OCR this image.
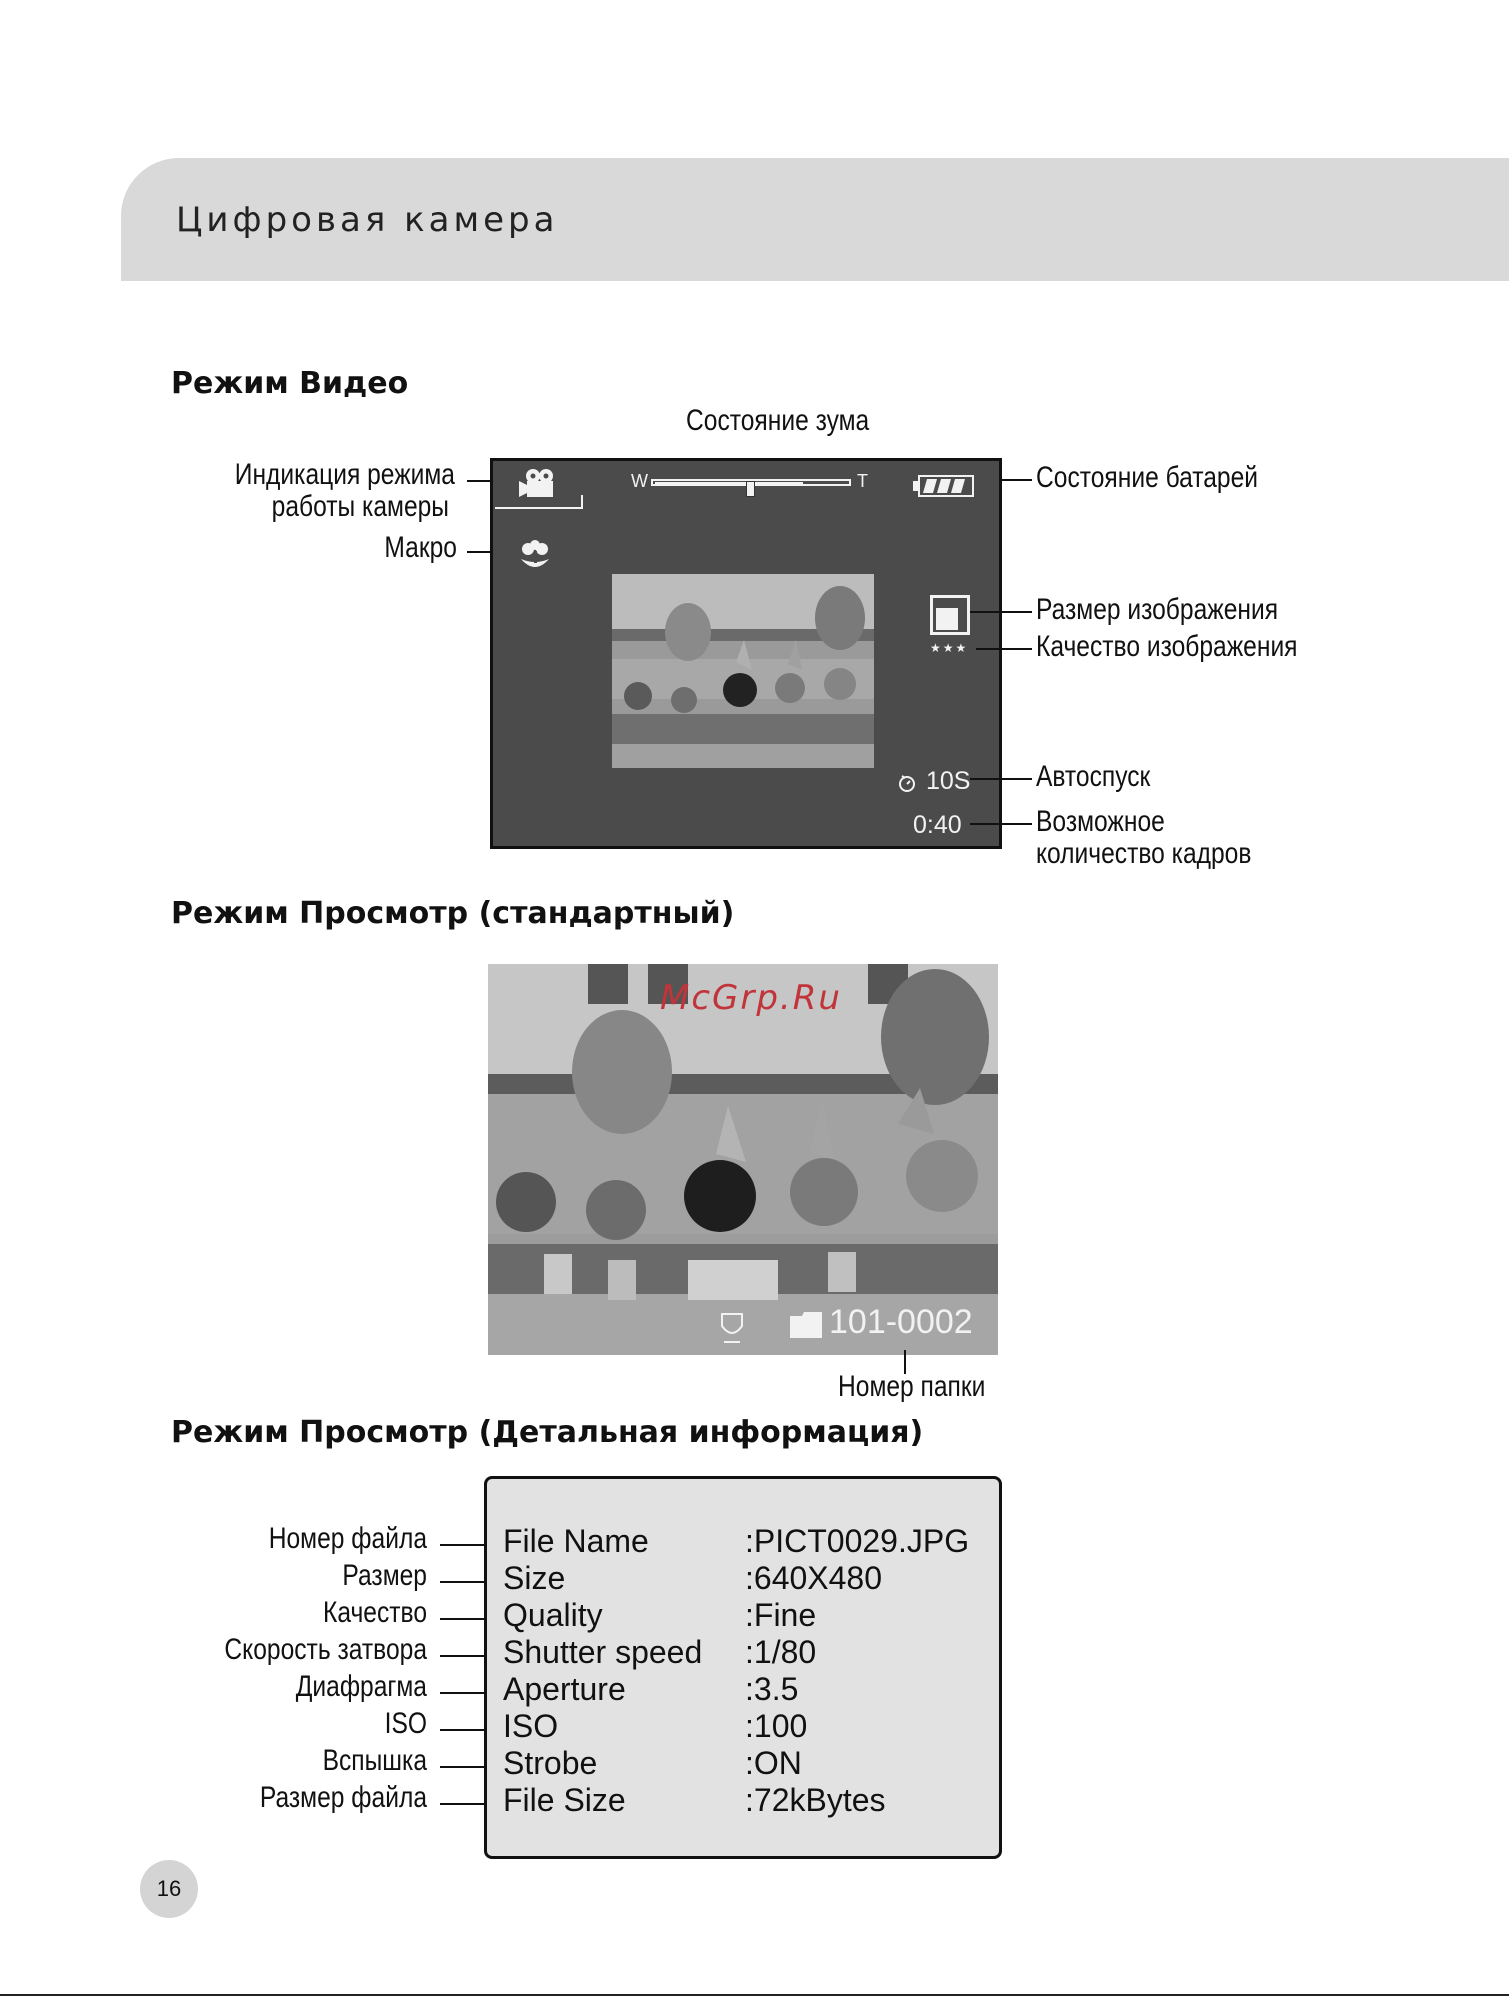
Цифровая камера
Режим Видео
Состояние зума
Индикация режима
работы камеры
Макро
W	T
★★★
10S
0:40
Состояние батарей
Размер изображения
Качество изображения
Автоспуск
Возможное
количество кадров
Режим Просмотр (стандартный)
McGrp.Ru
101-0002
Номер папки
Режим Просмотр (Детальная информация)
Номер файла
Размер
Качество
Скорость затвора
Диафрагма
ISO
Вспышка
Размер файла
File Name	:PICT0029.JPG
Size	:640X480
Quality	:Fine
Shutter speed :1/80
Aperture	:3.5
ISO	:100
Strobe	:ON
File Size	:72kBytes
16
